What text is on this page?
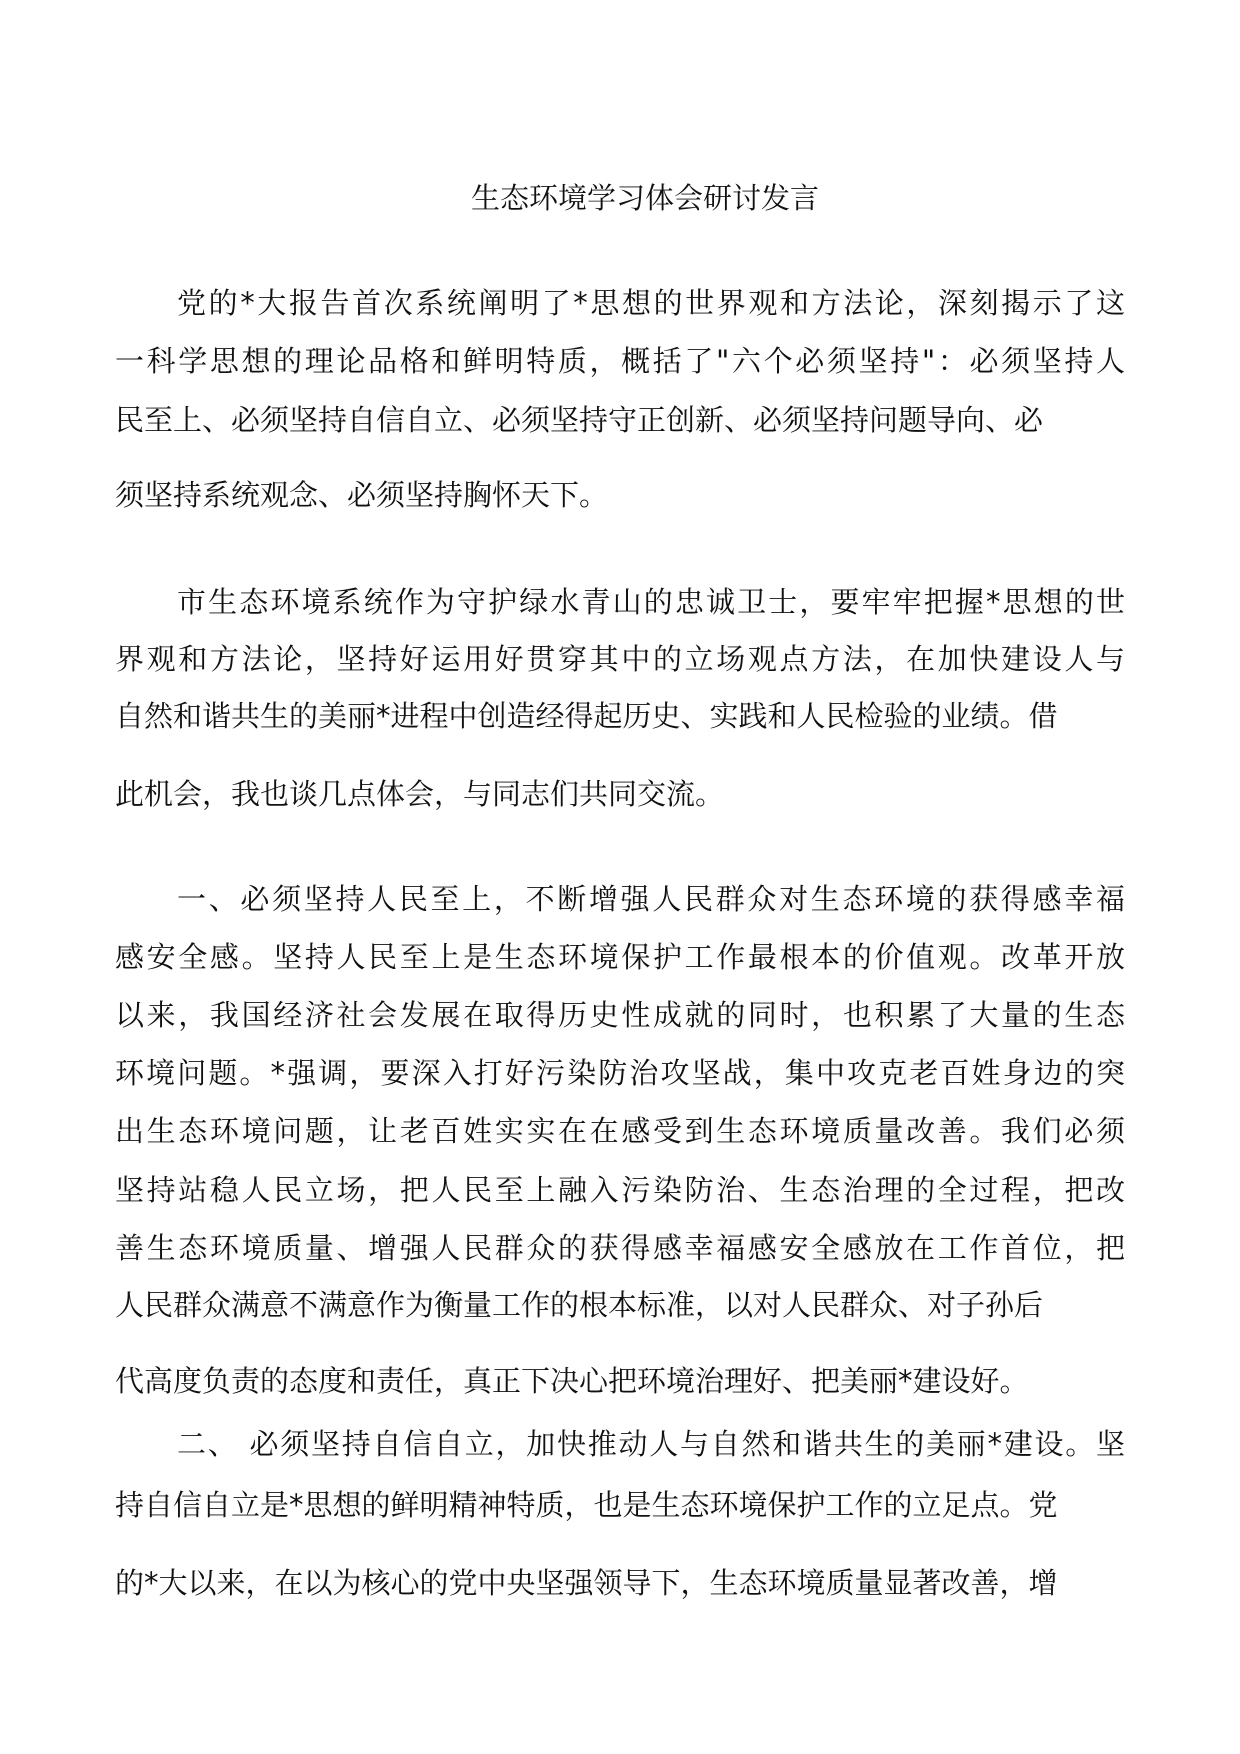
生态环境学习体会研讨发言
党的*大报告首次系统阐明了*思想的世界观和方法论，深刻揭示了这
一科学思想的理论品格和鲜明特质，概括了"六个必须坚持"：必须坚持人
民至上、必须坚持自信自立、必须坚持守正创新、必须坚持问题导向、必
须坚持系统观念、必须坚持胸怀天下。
市生态环境系统作为守护绿水青山的忠诚卫士，要牢牢把握*思想的世
界观和方法论，坚持好运用好贯穿其中的立场观点方法，在加快建设人与
自然和谐共生的美丽*进程中创造经得起历史、实践和人民检验的业绩。借
此机会，我也谈几点体会，与同志们共同交流。
一、必须坚持人民至上，不断增强人民群众对生态环境的获得感幸福
感安全感。坚持人民至上是生态环境保护工作最根本的价值观。改革开放
以来，我国经济社会发展在取得历史性成就的同时，也积累了大量的生态
环境问题。*强调，要深入打好污染防治攻坚战，集中攻克老百姓身边的突
出生态环境问题，让老百姓实实在在感受到生态环境质量改善。我们必须
坚持站稳人民立场，把人民至上融入污染防治、生态治理的全过程，把改
善生态环境质量、增强人民群众的获得感幸福感安全感放在工作首位，把
人民群众满意不满意作为衡量工作的根本标准，以对人民群众、对子孙后
代高度负责的态度和责任，真正下决心把环境治理好、把美丽*建设好。
二、 必须坚持自信自立，加快推动人与自然和谐共生的美丽*建设。坚
持自信自立是*思想的鲜明精神特质，也是生态环境保护工作的立足点。党
的*大以来，在以为核心的党中央坚强领导下，生态环境质量显著改善，增
